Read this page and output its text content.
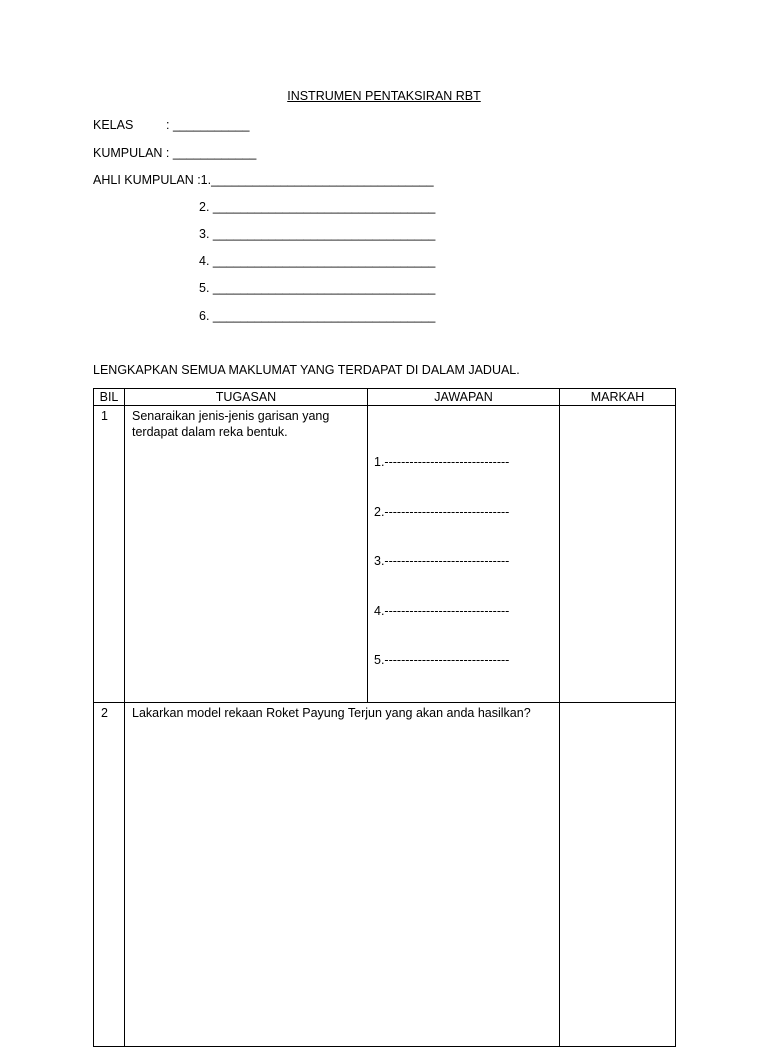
INSTRUMEN PENTAKSIRAN RBT
KELAS	: ___________
KUMPULAN : ____________
AHLI KUMPULAN :1.________________________________
2. ________________________________
3. ________________________________
4. ________________________________
5. ________________________________
6. ________________________________
LENGKAPKAN SEMUA MAKLUMAT YANG TERDAPAT DI DALAM JADUAL.
BIL	TUGASAN	JAWAPAN	MARKAH

1	Senaraikan jenis-jenis garisan yang terdapat dalam reka bentuk.	1.------------------------------

2.------------------------------

3.------------------------------

4.------------------------------

5.------------------------------	

2	Lakarkan model rekaan Roket Payung Terjun yang akan anda hasilkan?		
